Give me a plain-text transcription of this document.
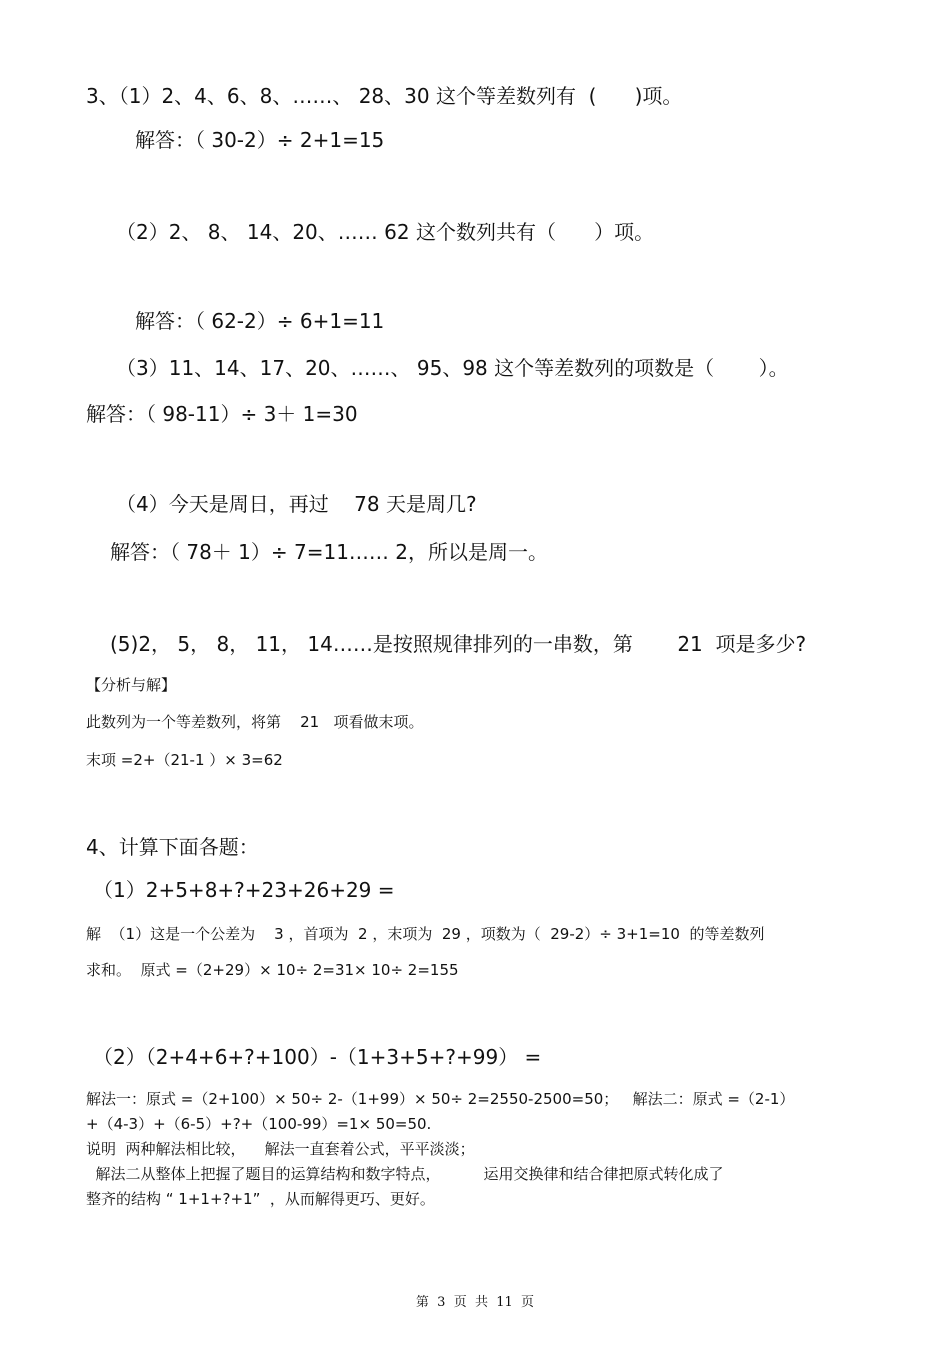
3、（1）2、4、6、8、……、 28、30 这个等差数列有  (      )项。
解答：（ 30-2）÷ 2+1=15
（2）2、 8、 14、20、…… 62 这个数列共有（      ）项。
解答：（ 62-2）÷ 6+1=11
（3）11、14、17、20、……、 95、98 这个等差数列的项数是（       ）。
解答：（ 98-11）÷ 3＋ 1=30
（4）今天是周日，再过    78 天是周几?
解答：（ 78＋ 1）÷ 7=11…… 2，所以是周一。
(5)2， 5， 8， 11， 14……是按照规律排列的一串数，第       21  项是多少?
【分析与解】
此数列为一个等差数列，将第    21   项看做末项。
末项 =2+（21-1 ）× 3=62
4、计算下面各题：
（1）2+5+8+?+23+26+29 =
解  （1）这是一个公差为    3 ，首项为  2 ，末项为  29 ，项数为（  29-2）÷ 3+1=10  的等差数列
求和。  原式 =（2+29）× 10÷ 2=31× 10÷ 2=155
（2）（2+4+6+?+100）-（1+3+5+?+99） =
解法一：原式 =（2+100）× 50÷ 2-（1+99）× 50÷ 2=2550-2500=50；   解法二：原式 =（2-1）
+（4-3）+（6-5）+?+（100-99）=1× 50=50.
说明  两种解法相比较，    解法一直套着公式，平平淡淡；
解法二从整体上把握了题目的运算结构和数字特点，         运用交换律和结合律把原式转化成了
整齐的结构 “ 1+1+?+1”  ，从而解得更巧、更好。
第  3  页  共  11  页
